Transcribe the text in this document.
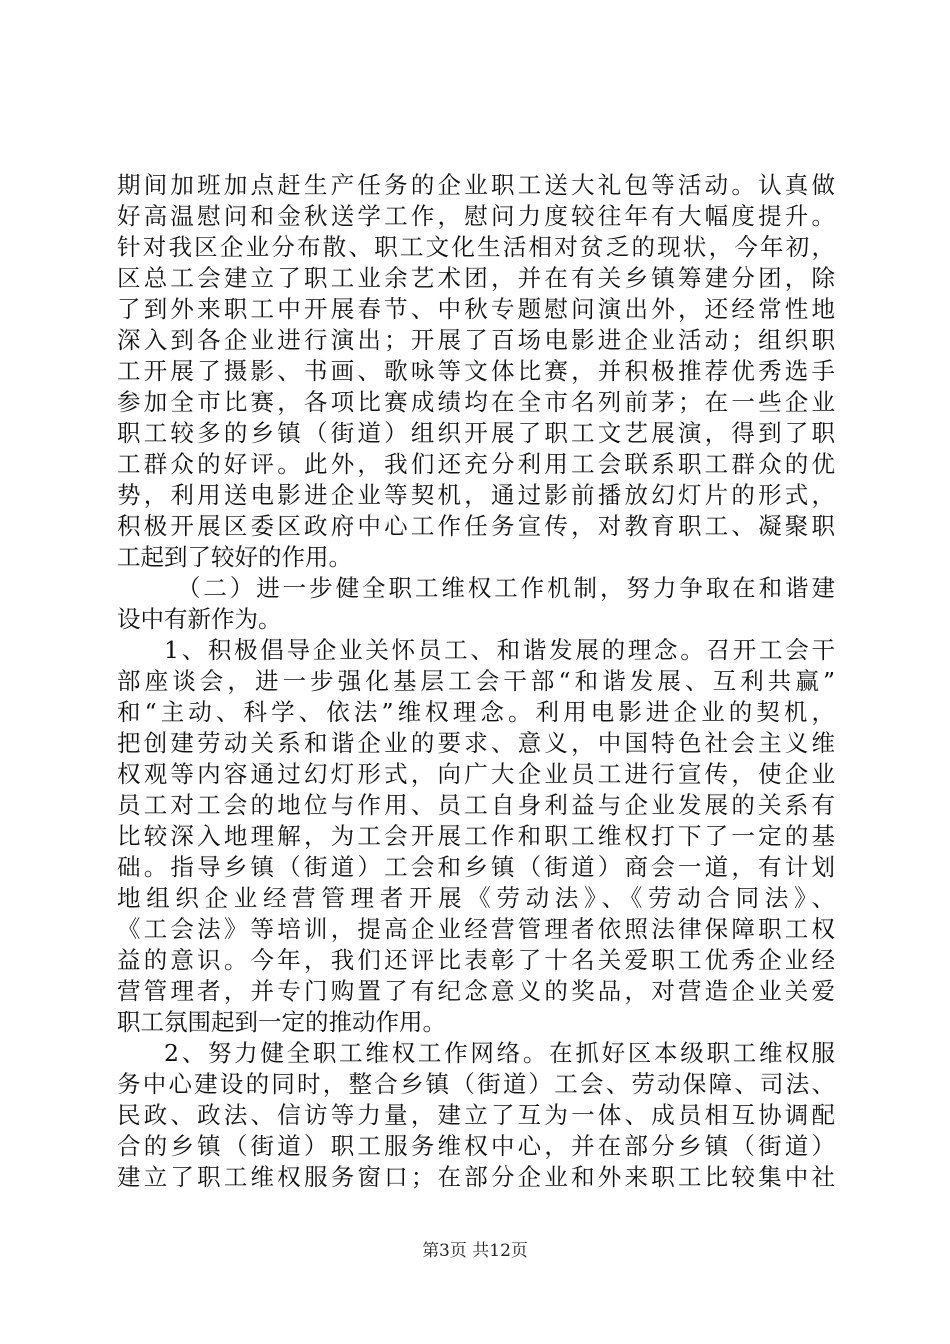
期间加班加点赶生产任务的企业职工送大礼包等活动。认真做
好高温慰问和金秋送学工作，慰问力度较往年有大幅度提升。
针对我区企业分布散、职工文化生活相对贫乏的现状，今年初，
区总工会建立了职工业余艺术团，并在有关乡镇筹建分团，除
了到外来职工中开展春节、中秋专题慰问演出外，还经常性地
深入到各企业进行演出；开展了百场电影进企业活动；组织职
工开展了摄影、书画、歌咏等文体比赛，并积极推荐优秀选手
参加全市比赛，各项比赛成绩均在全市名列前茅；在一些企业
职工较多的乡镇（街道）组织开展了职工文艺展演，得到了职
工群众的好评。此外，我们还充分利用工会联系职工群众的优
势，利用送电影进企业等契机，通过影前播放幻灯片的形式，
积极开展区委区政府中心工作任务宣传，对教育职工、凝聚职
工起到了较好的作用。
（二）进一步健全职工维权工作机制，努力争取在和谐建
设中有新作为。
1、积极倡导企业关怀员工、和谐发展的理念。召开工会干
部座谈会，进一步强化基层工会干部“和谐发展、互利共赢”
和“主动、科学、依法”维权理念。利用电影进企业的契机，
把创建劳动关系和谐企业的要求、意义，中国特色社会主义维
权观等内容通过幻灯形式，向广大企业员工进行宣传，使企业
员工对工会的地位与作用、员工自身利益与企业发展的关系有
比较深入地理解，为工会开展工作和职工维权打下了一定的基
础。指导乡镇（街道）工会和乡镇（街道）商会一道，有计划
地组织企业经营管理者开展《劳动法》、《劳动合同法》、
《工会法》等培训，提高企业经营管理者依照法律保障职工权
益的意识。今年，我们还评比表彰了十名关爱职工优秀企业经
营管理者，并专门购置了有纪念意义的奖品，对营造企业关爱
职工氛围起到一定的推动作用。
2、努力健全职工维权工作网络。在抓好区本级职工维权服
务中心建设的同时，整合乡镇（街道）工会、劳动保障、司法、
民政、政法、信访等力量，建立了互为一体、成员相互协调配
合的乡镇（街道）职工服务维权中心，并在部分乡镇（街道）
建立了职工维权服务窗口；在部分企业和外来职工比较集中社
第3页 共12页
